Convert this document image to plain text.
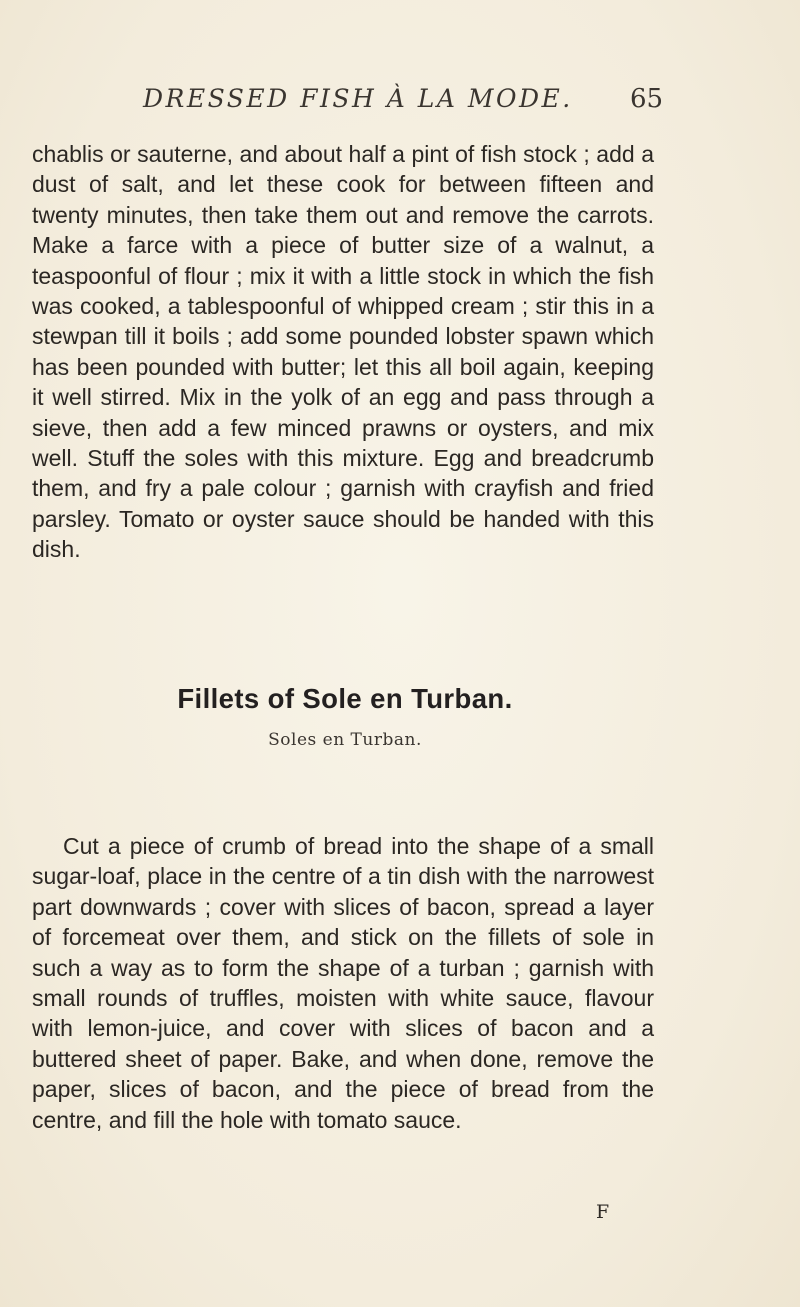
DRESSED FISH À LA MODE. 65

chablis or sauterne, and about half a pint of fish stock ; add a dust of salt, and let these cook for between fifteen and twenty minutes, then take them out and remove the carrots. Make a farce with a piece of butter size of a walnut, a teaspoonful of flour ; mix it with a little stock in which the fish was cooked, a tablespoonful of whipped cream ; stir this in a stewpan till it boils ; add some pounded lobster spawn which has been pounded with butter; let this all boil again, keeping it well stirred. Mix in the yolk of an egg and pass through a sieve, then add a few minced prawns or oysters, and mix well. Stuff the soles with this mixture. Egg and breadcrumb them, and fry a pale colour ; garnish with crayfish and fried parsley. Tomato or oyster sauce should be handed with this dish.

Fillets of Sole en Turban.
Soles en Turban.

Cut a piece of crumb of bread into the shape of a small sugar-loaf, place in the centre of a tin dish with the narrowest part downwards ; cover with slices of bacon, spread a layer of forcemeat over them, and stick on the fillets of sole in such a way as to form the shape of a turban ; garnish with small rounds of truffles, moisten with white sauce, flavour with lemon-juice, and cover with slices of bacon and a buttered sheet of paper. Bake, and when done, remove the paper, slices of bacon, and the piece of bread from the centre, and fill the hole with tomato sauce.

F
